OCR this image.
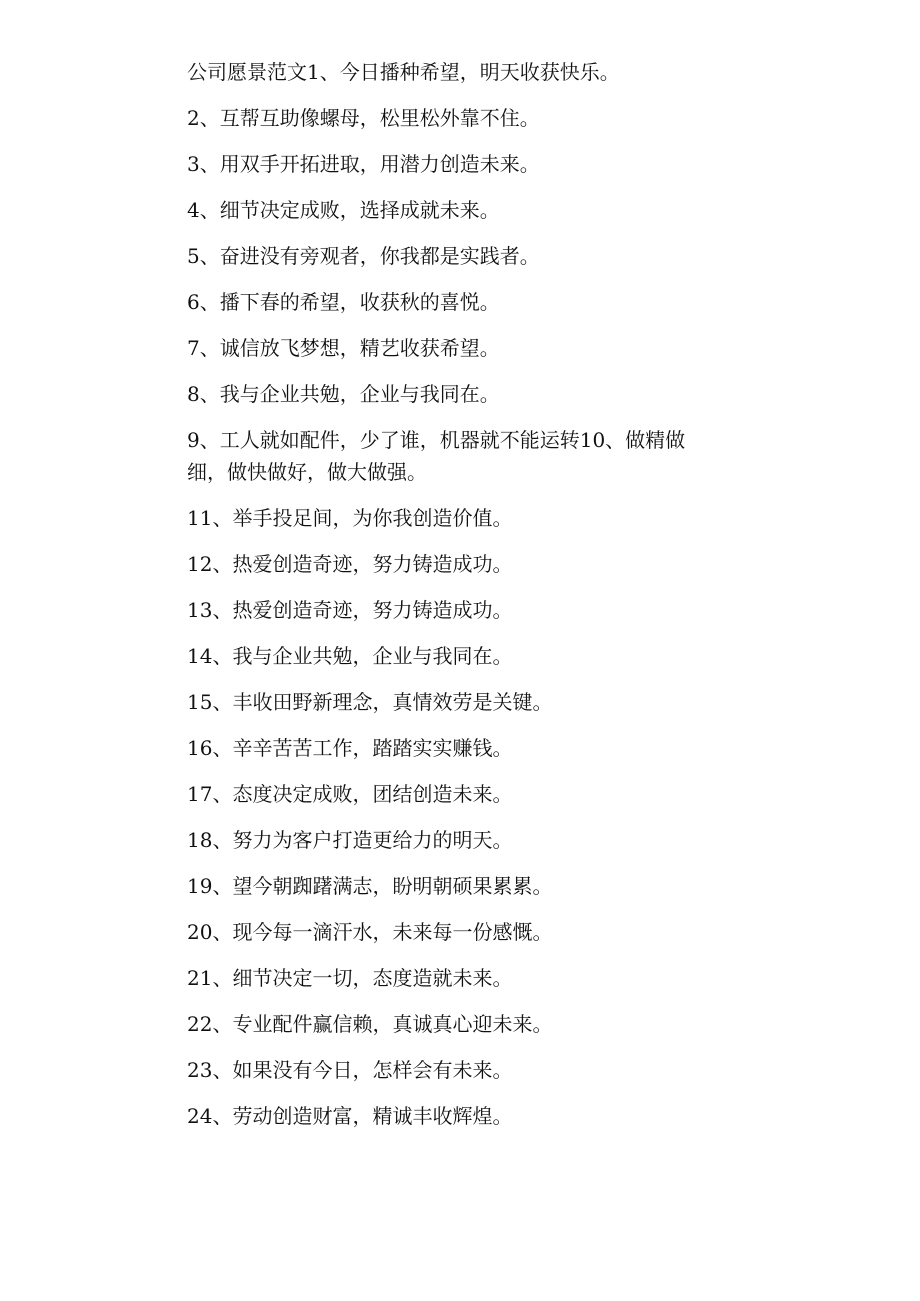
公司愿景范文1、今日播种希望，明天收获快乐。

2、互帮互助像螺母，松里松外靠不住。

3、用双手开拓进取，用潜力创造未来。

4、细节决定成败，选择成就未来。

5、奋进没有旁观者，你我都是实践者。

6、播下春的希望，收获秋的喜悦。

7、诚信放飞梦想，精艺收获希望。

8、我与企业共勉，企业与我同在。

9、工人就如配件，少了谁，机器就不能运转10、做精做细，做快做好，做大做强。

11、举手投足间，为你我创造价值。

12、热爱创造奇迹，努力铸造成功。

13、热爱创造奇迹，努力铸造成功。

14、我与企业共勉，企业与我同在。

15、丰收田野新理念，真情效劳是关键。

16、辛辛苦苦工作，踏踏实实赚钱。

17、态度决定成败，团结创造未来。

18、努力为客户打造更给力的明天。

19、望今朝踟躇满志，盼明朝硕果累累。

20、现今每一滴汗水，未来每一份感慨。

21、细节决定一切，态度造就未来。

22、专业配件赢信赖，真诚真心迎未来。

23、如果没有今日，怎样会有未来。

24、劳动创造财富，精诚丰收辉煌。
